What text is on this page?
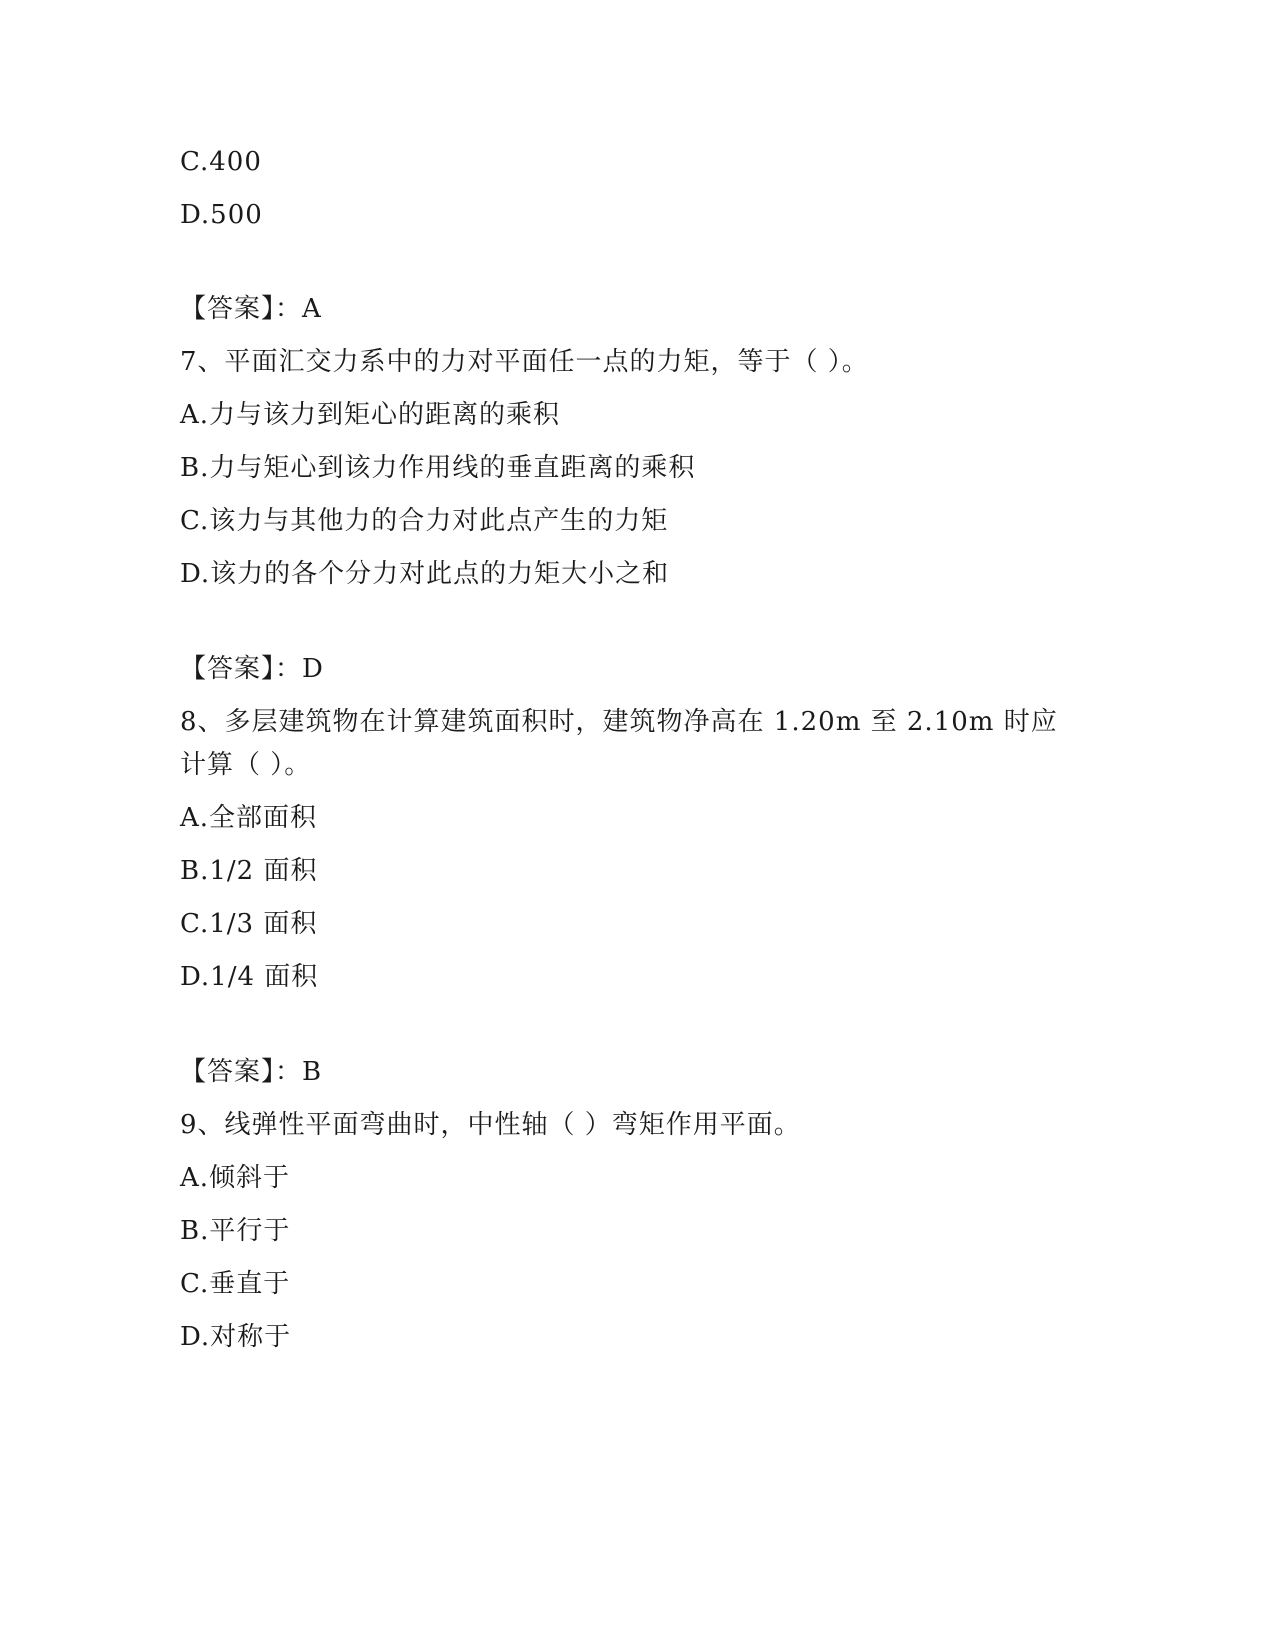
C.400
D.500
【答案】：A
7、平面汇交力系中的力对平面任一点的力矩，等于（ ）。
A.力与该力到矩心的距离的乘积
B.力与矩心到该力作用线的垂直距离的乘积
C.该力与其他力的合力对此点产生的力矩
D.该力的各个分力对此点的力矩大小之和
【答案】：D
8、多层建筑物在计算建筑面积时，建筑物净高在 1.20m 至 2.10m 时应
计算（ ）。
A.全部面积
B.1/2 面积
C.1/3 面积
D.1/4 面积
【答案】：B
9、线弹性平面弯曲时，中性轴（ ）弯矩作用平面。
A.倾斜于
B.平行于
C.垂直于
D.对称于
